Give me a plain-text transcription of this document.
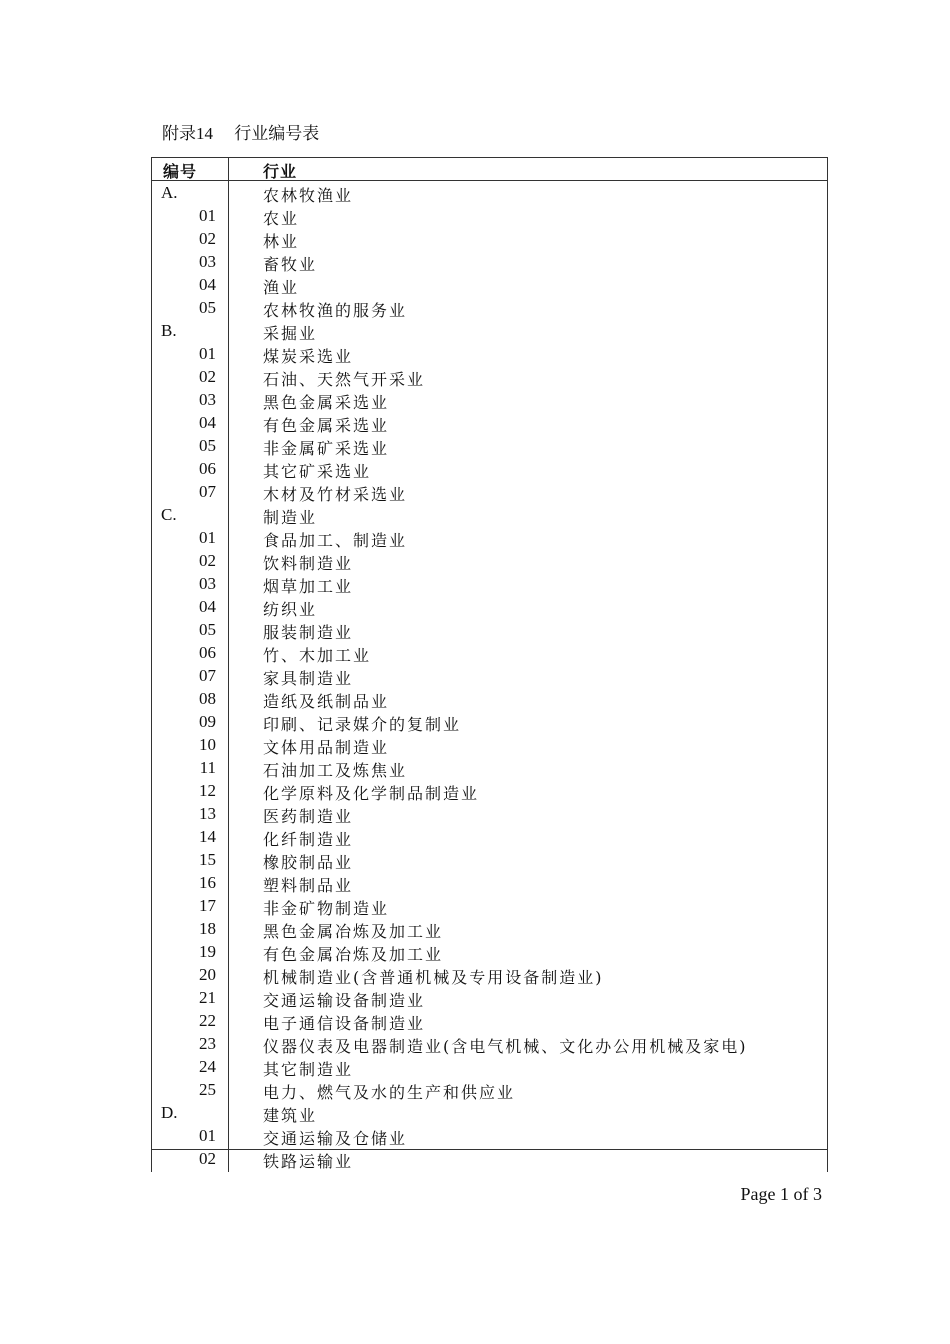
附录14　 行业编号表
编号	行业
A.	农林牧渔业
01	农业
02	林业
03	畜牧业
04	渔业
05	农林牧渔的服务业
B.	采掘业
01	煤炭采选业
02	石油、天然气开采业
03	黑色金属采选业
04	有色金属采选业
05	非金属矿采选业
06	其它矿采选业
07	木材及竹材采选业
C.	制造业
01	食品加工、制造业
02	饮料制造业
03	烟草加工业
04	纺织业
05	服装制造业
06	竹、木加工业
07	家具制造业
08	造纸及纸制品业
09	印刷、记录媒介的复制业
10	文体用品制造业
11	石油加工及炼焦业
12	化学原料及化学制品制造业
13	医药制造业
14	化纤制造业
15	橡胶制品业
16	塑料制品业
17	非金矿物制造业
18	黑色金属冶炼及加工业
19	有色金属冶炼及加工业
20	机械制造业(含普通机械及专用设备制造业)
21	交通运输设备制造业
22	电子通信设备制造业
23	仪器仪表及电器制造业(含电气机械、文化办公用机械及家电)
24	其它制造业
25	电力、燃气及水的生产和供应业
D.	建筑业
01	交通运输及仓储业
02	铁路运输业
Page 1 of 3
